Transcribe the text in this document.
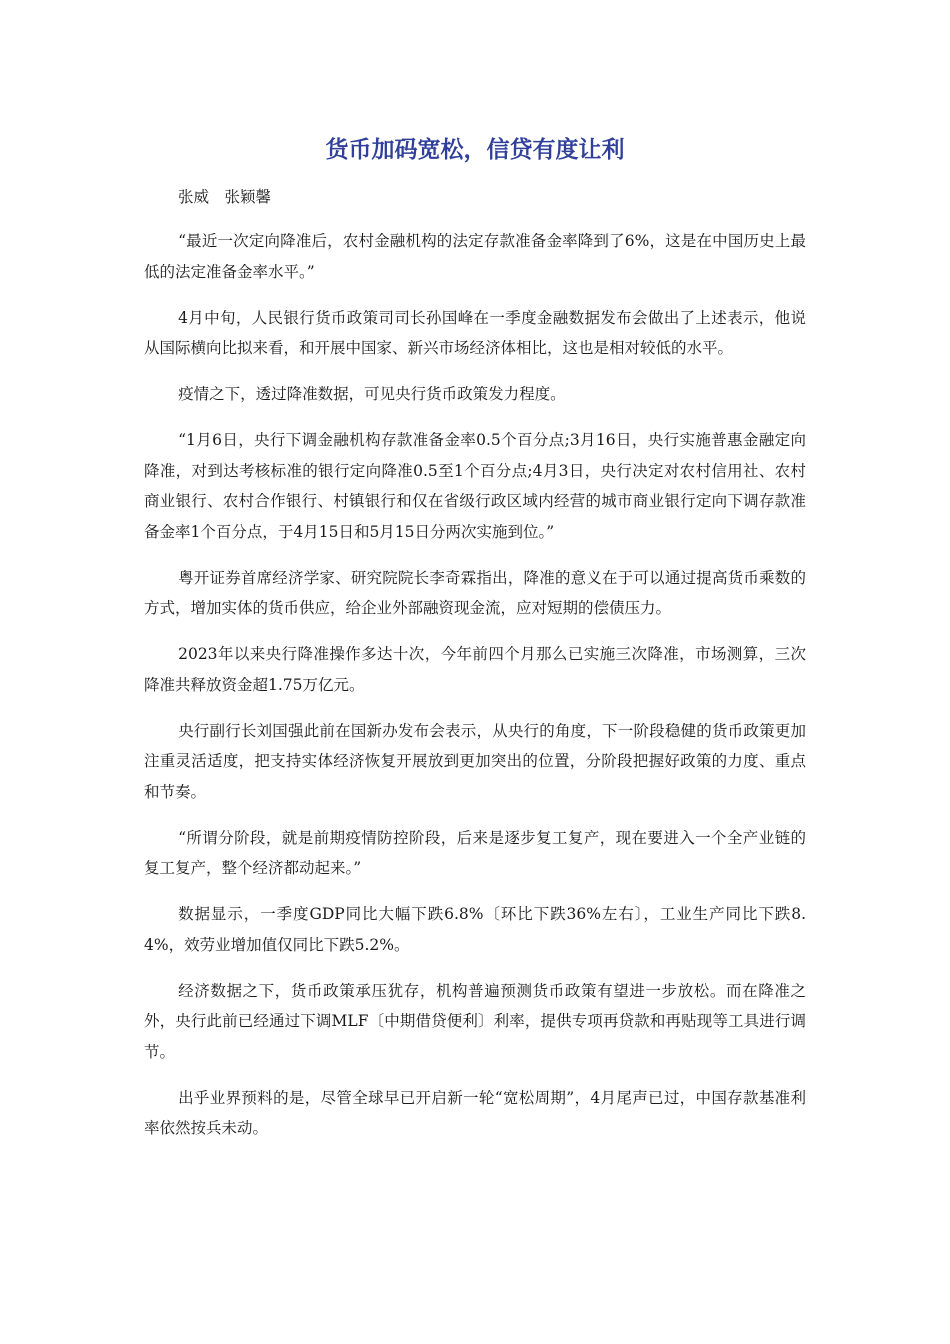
货币加码宽松，信贷有度让利

张威　张颖馨

“最近一次定向降准后，农村金融机构的法定存款准备金率降到了6%，这是在中国历史上最低的法定准备金率水平。”

4月中旬，人民银行货币政策司司长孙国峰在一季度金融数据发布会做出了上述表示，他说从国际横向比拟来看，和开展中国家、新兴市场经济体相比，这也是相对较低的水平。

疫情之下，透过降准数据，可见央行货币政策发力程度。

“1月6日，央行下调金融机构存款准备金率0.5个百分点;3月16日，央行实施普惠金融定向降准，对到达考核标准的银行定向降准0.5至1个百分点;4月3日，央行决定对农村信用社、农村商业银行、农村合作银行、村镇银行和仅在省级行政区域内经营的城市商业银行定向下调存款准备金率1个百分点，于4月15日和5月15日分两次实施到位。”

粤开证券首席经济学家、研究院院长李奇霖指出，降准的意义在于可以通过提高货币乘数的方式，增加实体的货币供应，给企业外部融资现金流，应对短期的偿债压力。

2023年以来央行降准操作多达十次，今年前四个月那么已实施三次降准，市场测算，三次降准共释放资金超1.75万亿元。

央行副行长刘国强此前在国新办发布会表示，从央行的角度，下一阶段稳健的货币政策更加注重灵活适度，把支持实体经济恢复开展放到更加突出的位置，分阶段把握好政策的力度、重点和节奏。

“所谓分阶段，就是前期疫情防控阶段，后来是逐步复工复产，现在要进入一个全产业链的复工复产，整个经济都动起来。”

数据显示，一季度GDP同比大幅下跌6.8%〔环比下跌36%左右〕，工业生产同比下跌8.4%，效劳业增加值仅同比下跌5.2%。

经济数据之下，货币政策承压犹存，机构普遍预测货币政策有望进一步放松。而在降准之外，央行此前已经通过下调MLF〔中期借贷便利〕利率，提供专项再贷款和再贴现等工具进行调节。

出乎业界预料的是，尽管全球早已开启新一轮“宽松周期”，4月尾声已过，中国存款基准利率依然按兵未动。
